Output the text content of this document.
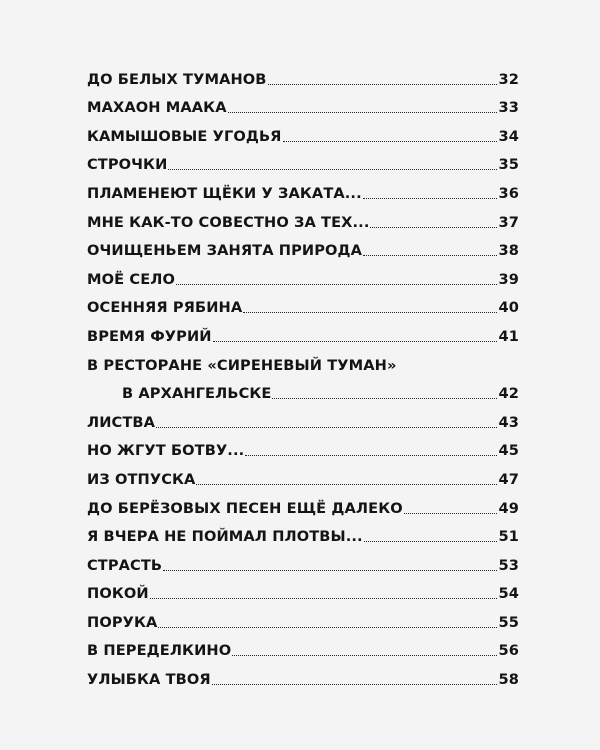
ДО БЕЛЫХ ТУМАНОВ	32
МАХАОН МААКА	33
КАМЫШОВЫЕ УГОДЬЯ	34
СТРОЧКИ	35
ПЛАМЕНЕЮТ ЩЁКИ У ЗАКАТА...	36
МНЕ КАК-ТО СОВЕСТНО ЗА ТЕХ...	37
ОЧИЩЕНЬЕМ ЗАНЯТА ПРИРОДА	38
МОЁ СЕЛО	39
ОСЕННЯЯ РЯБИНА	40
ВРЕМЯ ФУРИЙ	41
В РЕСТОРАНЕ «СИРЕНЕВЫЙ ТУМАН»
В АРХАНГЕЛЬСКЕ	42
ЛИСТВА	43
НО ЖГУТ БОТВУ...	45
ИЗ ОТПУСКА	47
ДО БЕРЁЗОВЫХ ПЕСЕН ЕЩЁ ДАЛЕКО	49
Я ВЧЕРА НЕ ПОЙМАЛ ПЛОТВЫ...	51
СТРАСТЬ	53
ПОКОЙ	54
ПОРУКА	55
В ПЕРЕДЕЛКИНО	56
УЛЫБКА ТВОЯ	58
